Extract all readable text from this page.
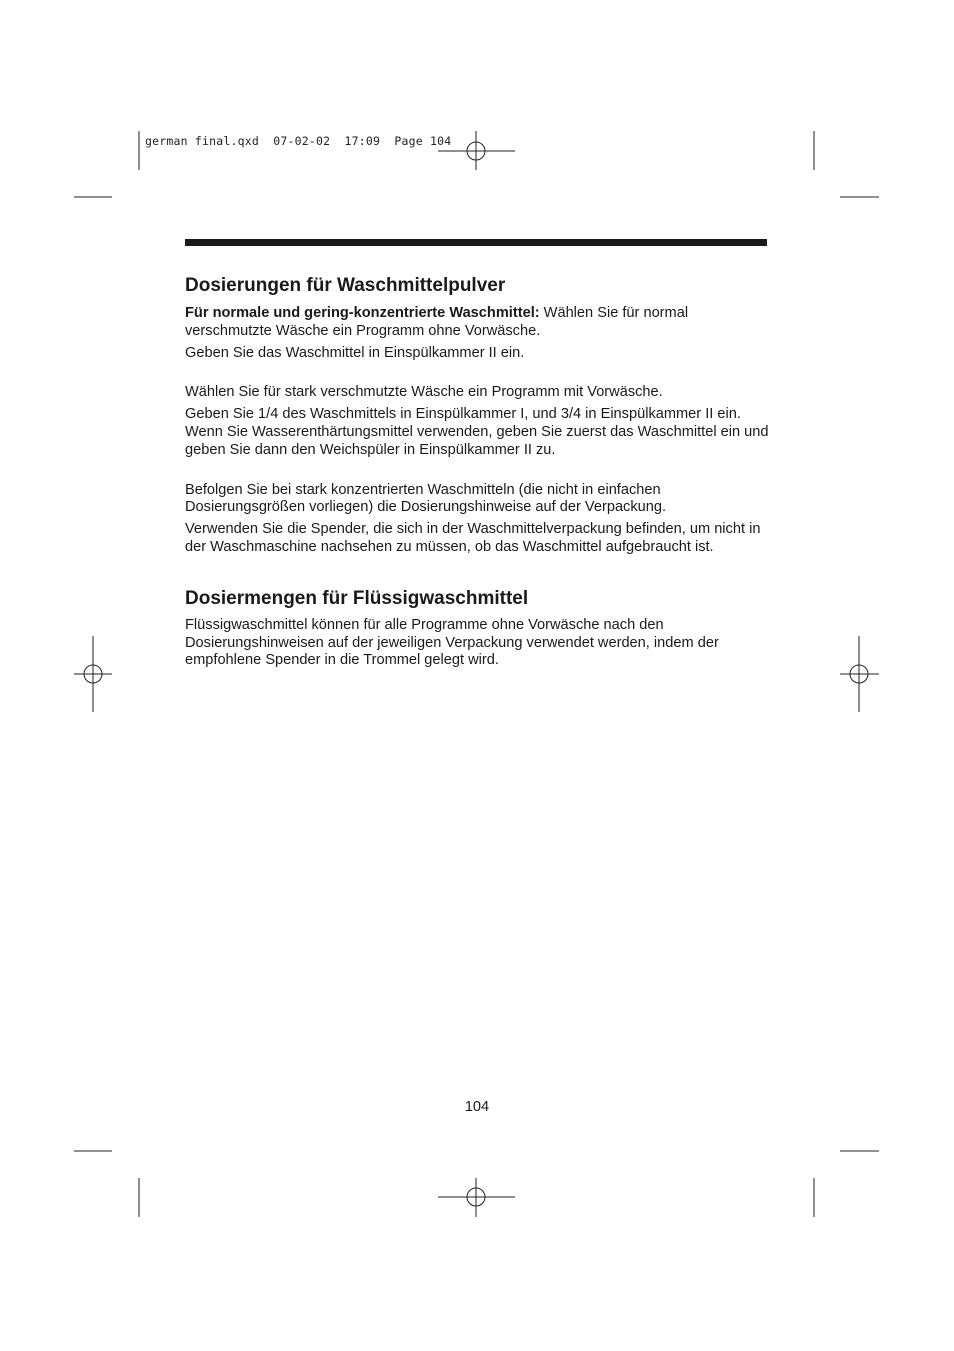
german final.qxd  07-02-02  17:09  Page 104
Dosierungen für Waschmittelpulver

Für normale und gering-konzentrierte Waschmittel: Wählen Sie für normal verschmutzte Wäsche ein Programm ohne Vorwäsche.

Geben Sie das Waschmittel in Einspülkammer II ein.

Wählen Sie für stark verschmutzte Wäsche ein Programm mit Vorwäsche.

Geben Sie 1/4 des Waschmittels in Einspülkammer I, und 3/4 in Einspülkammer II ein. Wenn Sie Wasserenthärtungsmittel verwenden, geben Sie zuerst das Waschmittel ein und geben Sie dann den Weichspüler in Einspülkammer II zu.

Befolgen Sie bei stark konzentrierten Waschmitteln (die nicht in einfachen Dosierungsgrößen vorliegen) die Dosierungshinweise auf der Verpackung.

Verwenden Sie die Spender, die sich in der Waschmittelverpackung befinden, um nicht in der Waschmaschine nachsehen zu müssen, ob das Waschmittel aufgebraucht ist.

Dosiermengen für Flüssigwaschmittel

Flüssigwaschmittel können für alle Programme ohne Vorwäsche nach den Dosierungshinweisen auf der jeweiligen Verpackung verwendet werden, indem der empfohlene Spender in die Trommel gelegt wird.

104
